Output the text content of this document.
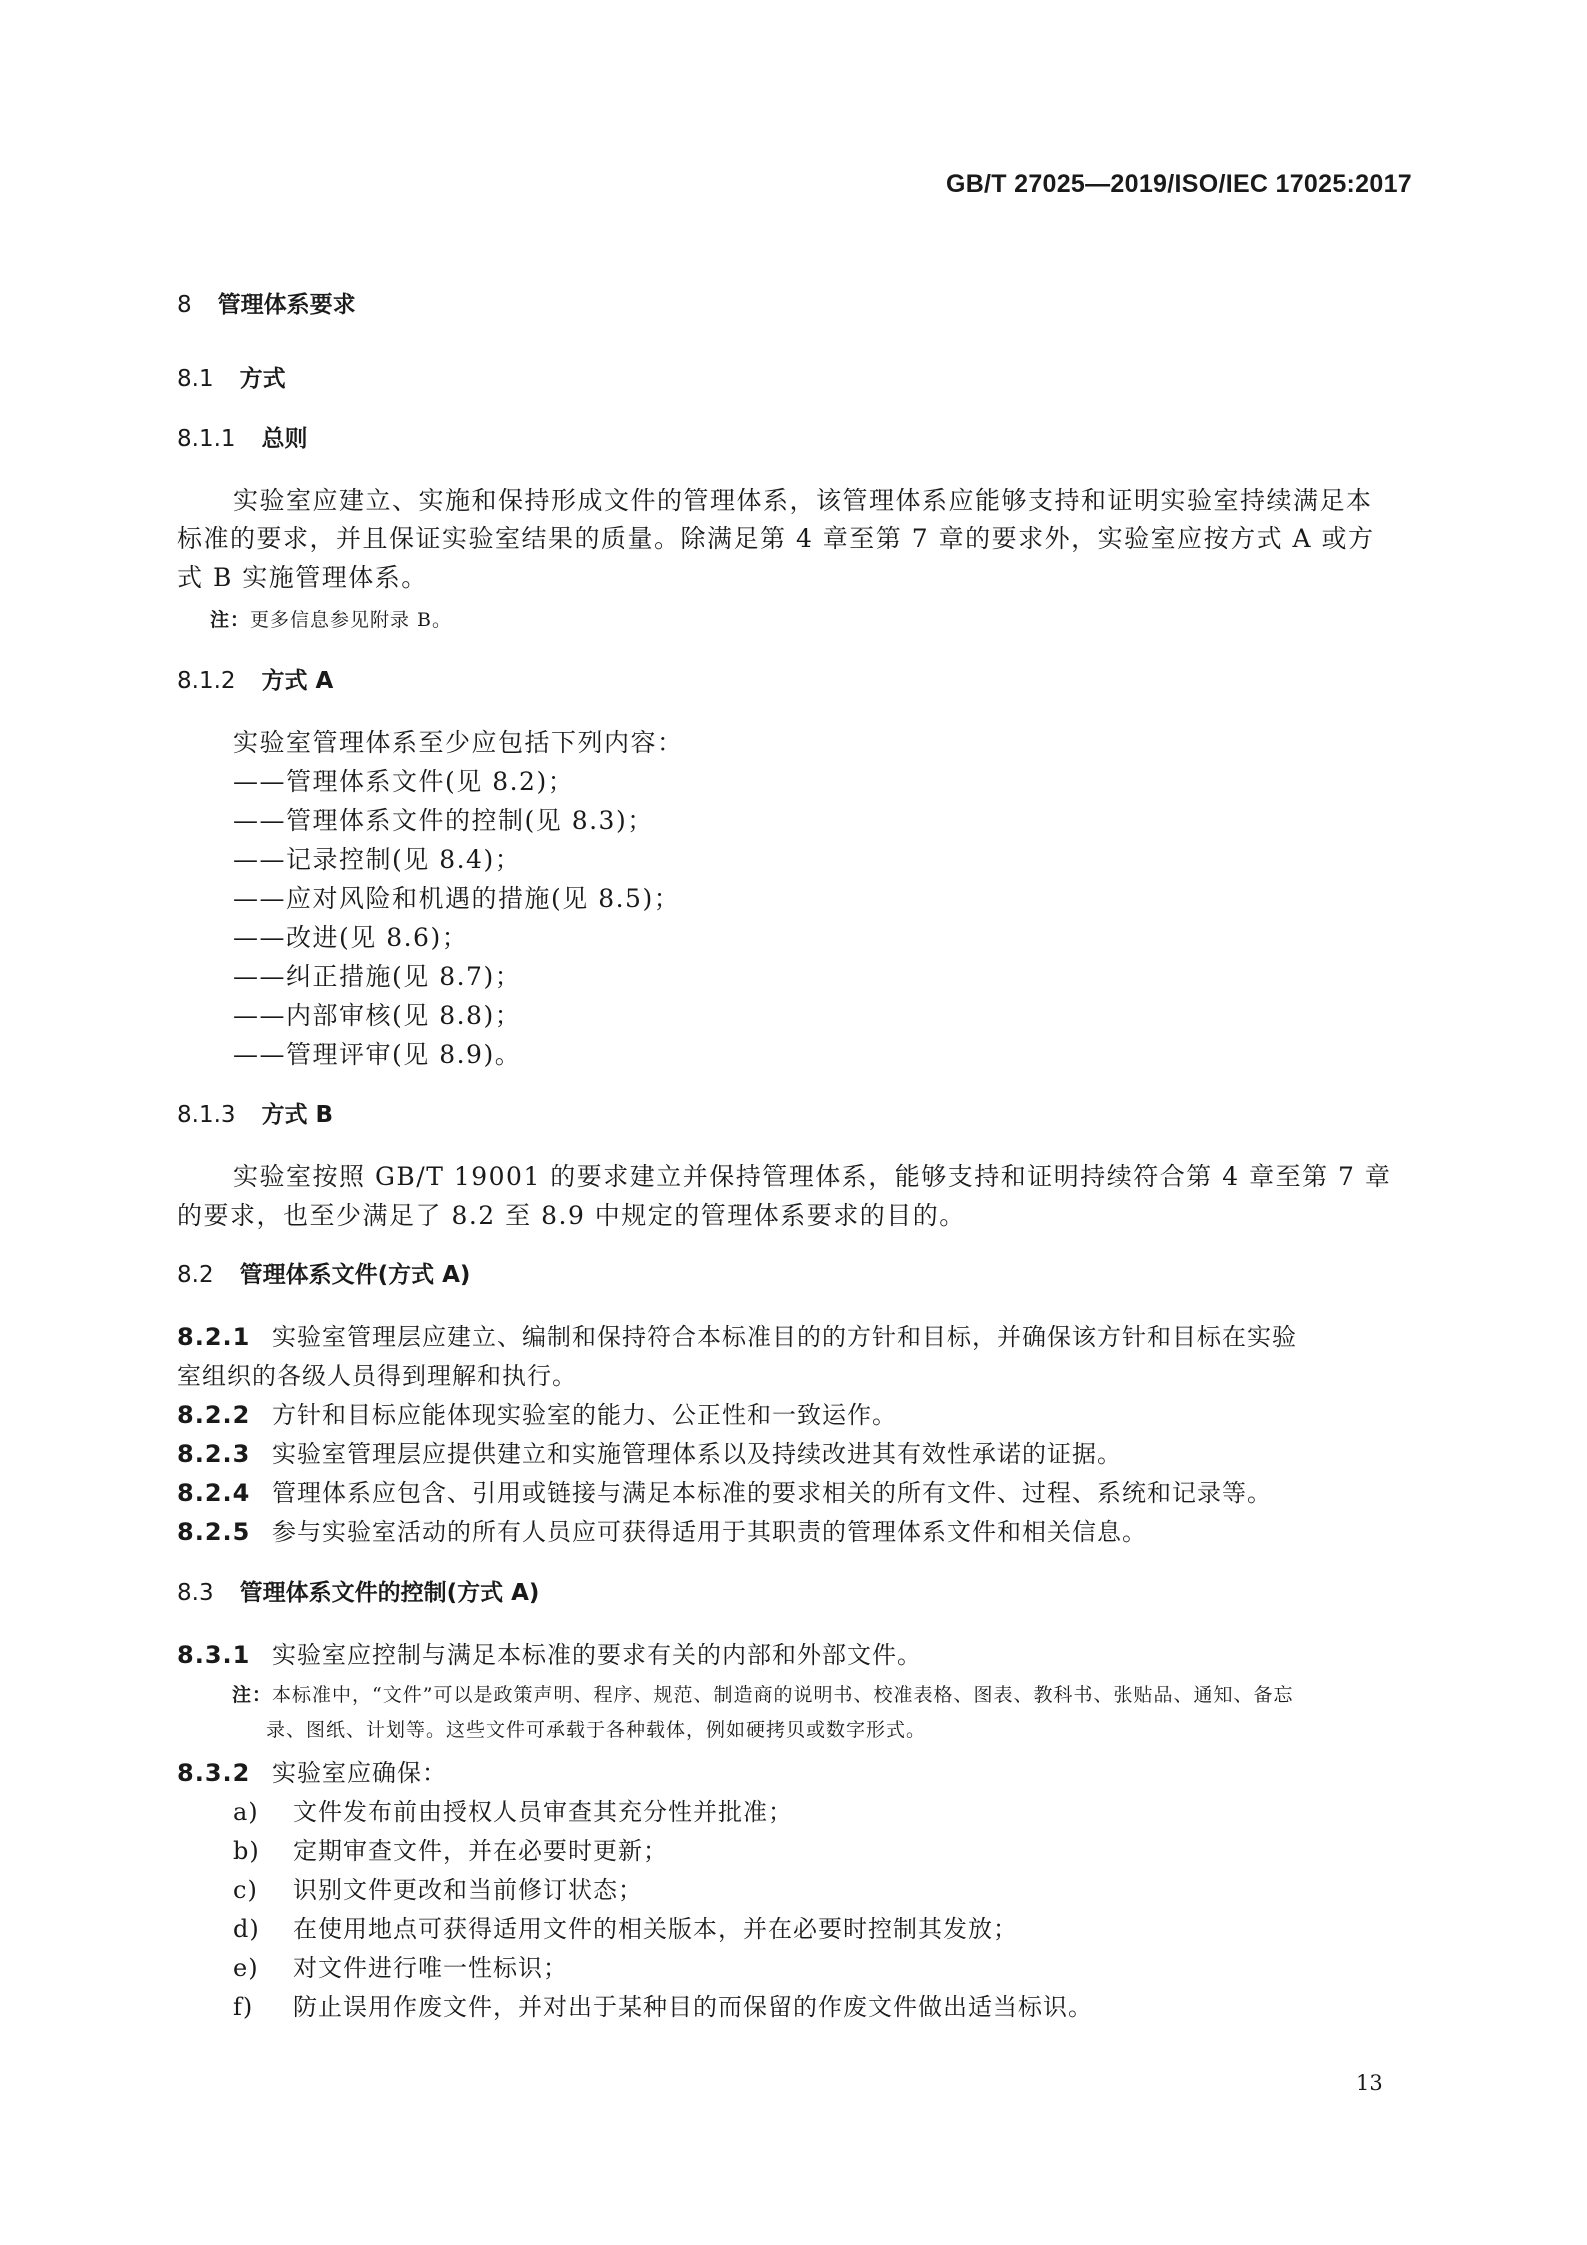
GB/T 27025—2019/ISO/IEC 17025:2017
8 管理体系要求
8.1 方式
8.1.1 总则
实验室应建立、实施和保持形成文件的管理体系，该管理体系应能够支持和证明实验室持续满足本
标准的要求，并且保证实验室结果的质量。除满足第 4 章至第 7 章的要求外，实验室应按方式 A 或方
式 B 实施管理体系。
注：更多信息参见附录 B。
8.1.2 方式 A
实验室管理体系至少应包括下列内容：
——管理体系文件(见 8.2)；
——管理体系文件的控制(见 8.3)；
——记录控制(见 8.4)；
——应对风险和机遇的措施(见 8.5)；
——改进(见 8.6)；
——纠正措施(见 8.7)；
——内部审核(见 8.8)；
——管理评审(见 8.9)。
8.1.3 方式 B
实验室按照 GB/T 19001 的要求建立并保持管理体系，能够支持和证明持续符合第 4 章至第 7 章
的要求，也至少满足了 8.2 至 8.9 中规定的管理体系要求的目的。
8.2 管理体系文件(方式 A)
8.2.1 实验室管理层应建立、编制和保持符合本标准目的的方针和目标，并确保该方针和目标在实验
室组织的各级人员得到理解和执行。
8.2.2 方针和目标应能体现实验室的能力、公正性和一致运作。
8.2.3 实验室管理层应提供建立和实施管理体系以及持续改进其有效性承诺的证据。
8.2.4 管理体系应包含、引用或链接与满足本标准的要求相关的所有文件、过程、系统和记录等。
8.2.5 参与实验室活动的所有人员应可获得适用于其职责的管理体系文件和相关信息。
8.3 管理体系文件的控制(方式 A)
8.3.1 实验室应控制与满足本标准的要求有关的内部和外部文件。
注：本标准中，“文件”可以是政策声明、程序、规范、制造商的说明书、校准表格、图表、教科书、张贴品、通知、备忘
录、图纸、计划等。这些文件可承载于各种载体，例如硬拷贝或数字形式。
8.3.2 实验室应确保：
a) 文件发布前由授权人员审查其充分性并批准；
b) 定期审查文件，并在必要时更新；
c) 识别文件更改和当前修订状态；
d) 在使用地点可获得适用文件的相关版本，并在必要时控制其发放；
e) 对文件进行唯一性标识；
f) 防止误用作废文件，并对出于某种目的而保留的作废文件做出适当标识。
13
